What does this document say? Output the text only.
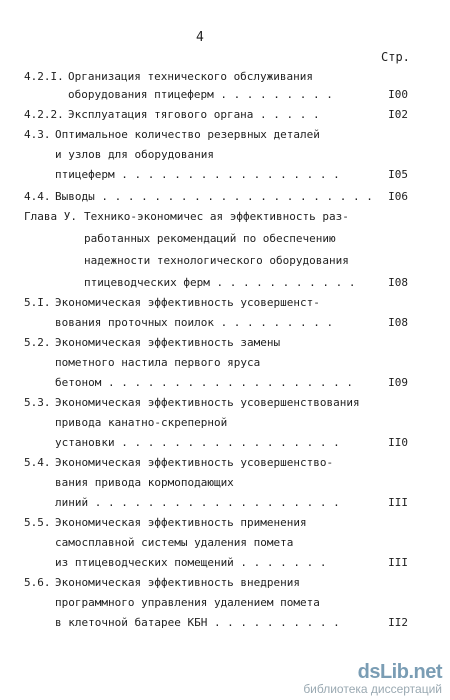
4
Стр.
4.2.I. Организация технического обслуживания
оборудования птицеферм . . . . . . . . .	I00
4.2.2. Эксплуатация тягового органа . . . . .	I02
4.3. Оптимальное количество резервных деталей
и узлов для оборудования
птицеферм . . . . . . . . . . . . . . . . .	I05
4.4. Выводы . . . . . . . . . . . . . . . . . . . . .	I06
Глава У. Технико-экономичес ая эффективность раз-
работанных рекомендаций по обеспечению
надежности технологического оборудования
птицеводческих ферм . . . . . . . . . . .	I08
5.I. Экономическая эффективность усовершенст-
вования проточных поилок . . . . . . . . .	I08
5.2. Экономическая эффективность замены
пометного настила первого яруса
бетоном . . . . . . . . . . . . . . . . . . .	I09
5.3. Экономическая эффективность усовершенствования
привода канатно-скреперной
установки . . . . . . . . . . . . . . . . .	II0
5.4. Экономическая эффективность усовершенство-
вания привода кормоподающих
линий . . . . . . . . . . . . . . . . . . .	III
5.5. Экономическая эффективность применения
самосплавной системы удаления помета
из птицеводческих помещений . . . . . . .	III
5.6. Экономическая эффективность внедрения
программного управления удалением помета
в клеточной батарее КБН . . . . . . . . . .	II2
dsLib.net
библиотека диссертаций
